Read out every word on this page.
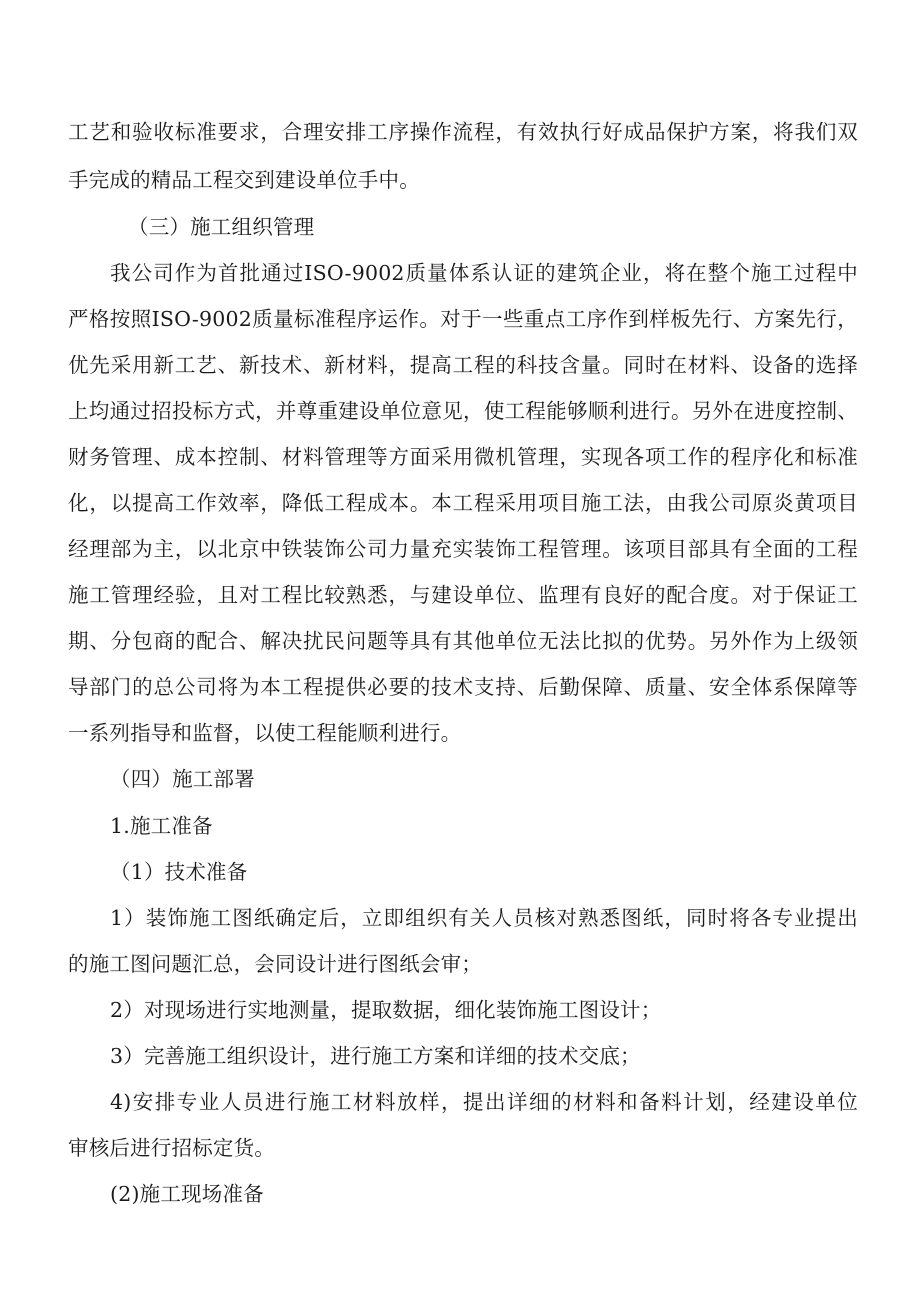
工艺和验收标准要求，合理安排工序操作流程，有效执行好成品保护方案，将我们双
手完成的精品工程交到建设单位手中。
（三）施工组织管理
我公司作为首批通过ISO-9002质量体系认证的建筑企业，将在整个施工过程中
严格按照ISO-9002质量标准程序运作。对于一些重点工序作到样板先行、方案先行，
优先采用新工艺、新技术、新材料，提高工程的科技含量。同时在材料、设备的选择
上均通过招投标方式，并尊重建设单位意见，使工程能够顺利进行。另外在进度控制、
财务管理、成本控制、材料管理等方面采用微机管理，实现各项工作的程序化和标准
化，以提高工作效率，降低工程成本。本工程采用项目施工法，由我公司原炎黄项目
经理部为主，以北京中铁装饰公司力量充实装饰工程管理。该项目部具有全面的工程
施工管理经验，且对工程比较熟悉，与建设单位、监理有良好的配合度。对于保证工
期、分包商的配合、解决扰民问题等具有其他单位无法比拟的优势。另外作为上级领
导部门的总公司将为本工程提供必要的技术支持、后勤保障、质量、安全体系保障等
一系列指导和监督，以使工程能顺利进行。
（四）施工部署
1.施工准备
（1）技术准备
1）装饰施工图纸确定后，立即组织有关人员核对熟悉图纸，同时将各专业提出
的施工图问题汇总，会同设计进行图纸会审；
2）对现场进行实地测量，提取数据，细化装饰施工图设计；
3）完善施工组织设计，进行施工方案和详细的技术交底；
4)安排专业人员进行施工材料放样，提出详细的材料和备料计划，经建设单位
审核后进行招标定货。
(2)施工现场准备
